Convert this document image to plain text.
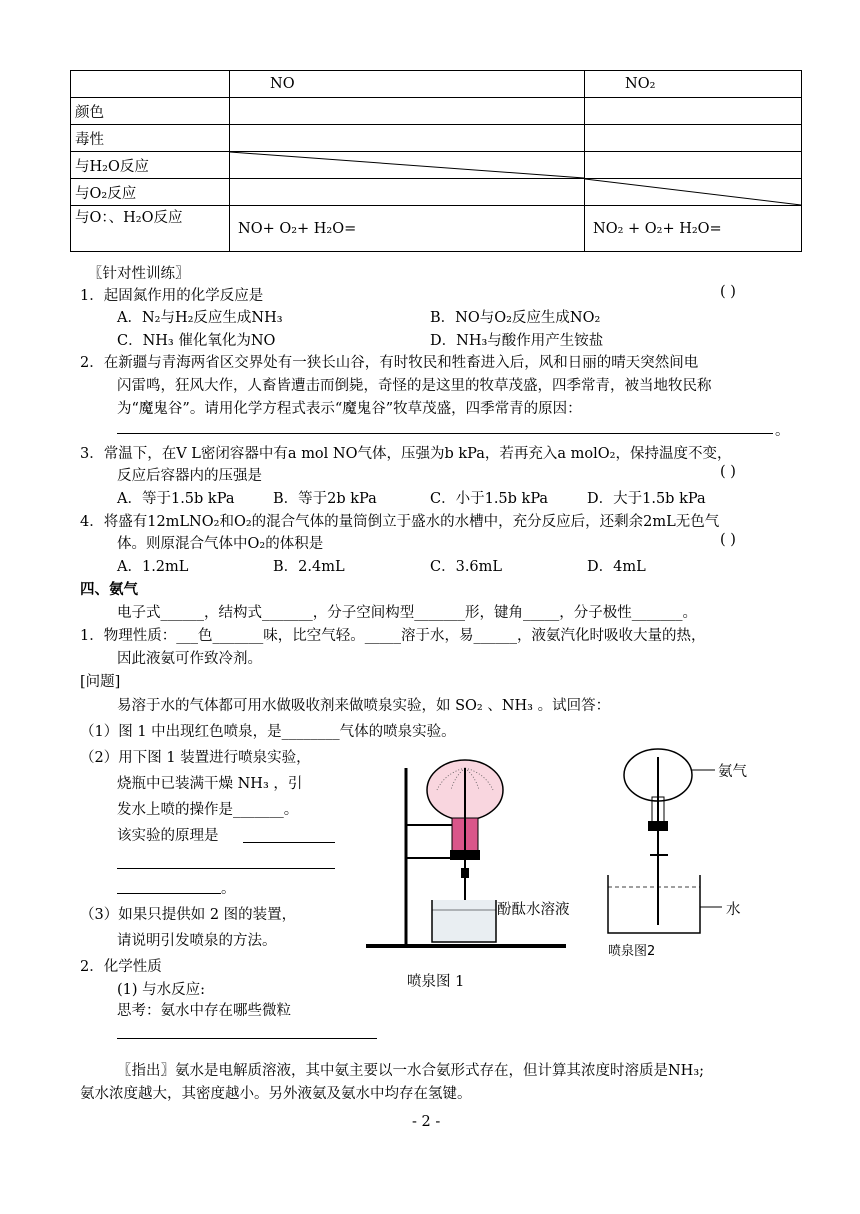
	NO	NO₂
颜色		
毒性		
与H₂O反应	

与O₂反应		

与O：、H₂O反应	NO+ O₂+ H₂O=	NO₂ + O₂+ H₂O=
〖针对性训练〗
1．起固氮作用的化学反应是	( )
A．N₂与H₂反应生成NH₃	B．NO与O₂反应生成NO₂
C．NH₃ 催化氧化为NO	D．NH₃与酸作用产生铵盐
2．在新疆与青海两省区交界处有一狭长山谷，有时牧民和牲畜进入后，风和日丽的晴天突然间电
闪雷鸣，狂风大作，人畜皆遭击而倒毙，奇怪的是这里的牧草茂盛，四季常青，被当地牧民称
为“魔鬼谷”。请用化学方程式表示“魔鬼谷”牧草茂盛，四季常青的原因：
。
3．常温下，在V L密闭容器中有a mol NO气体，压强为b kPa，若再充入a molO₂，保持温度不变，
反应后容器内的压强是	( )
A．等于1.5b kPa	B．等于2b kPa	C．小于1.5b kPa	D．大于1.5b kPa
4．将盛有12mLNO₂和O₂的混合气体的量筒倒立于盛水的水槽中，充分反应后，还剩余2mL无色气
体。则原混合气体中O₂的体积是	( )
A．1.2mL	B．2.4mL	C．3.6mL	D．4mL
四、氨气
电子式______，结构式_______，分子空间构型_______形，键角_____，分子极性_______。
1．物理性质：___色_______味，比空气轻。_____溶于水，易______，液氨汽化时吸收大量的热，
因此液氨可作致冷剂。
[问题]
易溶于水的气体都可用水做吸收剂来做喷泉实验，如 SO₂ 、NH₃ 。试回答：
（1）图 1 中出现红色喷泉，是________气体的喷泉实验。
（2）用下图 1 装置进行喷泉实验，
烧瓶中已装满干燥 NH₃ ，引
发水上喷的操作是_______。
该实验的原理是
。
（3）如果只提供如 2 图的装置，
请说明引发喷泉的方法。
2．化学性质
(1) 与水反应:
思考：氨水中存在哪些微粒
〖指出〗氨水是电解质溶液，其中氨主要以一水合氨形式存在，但计算其浓度时溶质是NH₃;
氨水浓度越大，其密度越小。另外液氨及氨水中均存在氢键。
酚酞水溶液
喷泉图 1
氨气
水
喷泉图2
- 2 -
